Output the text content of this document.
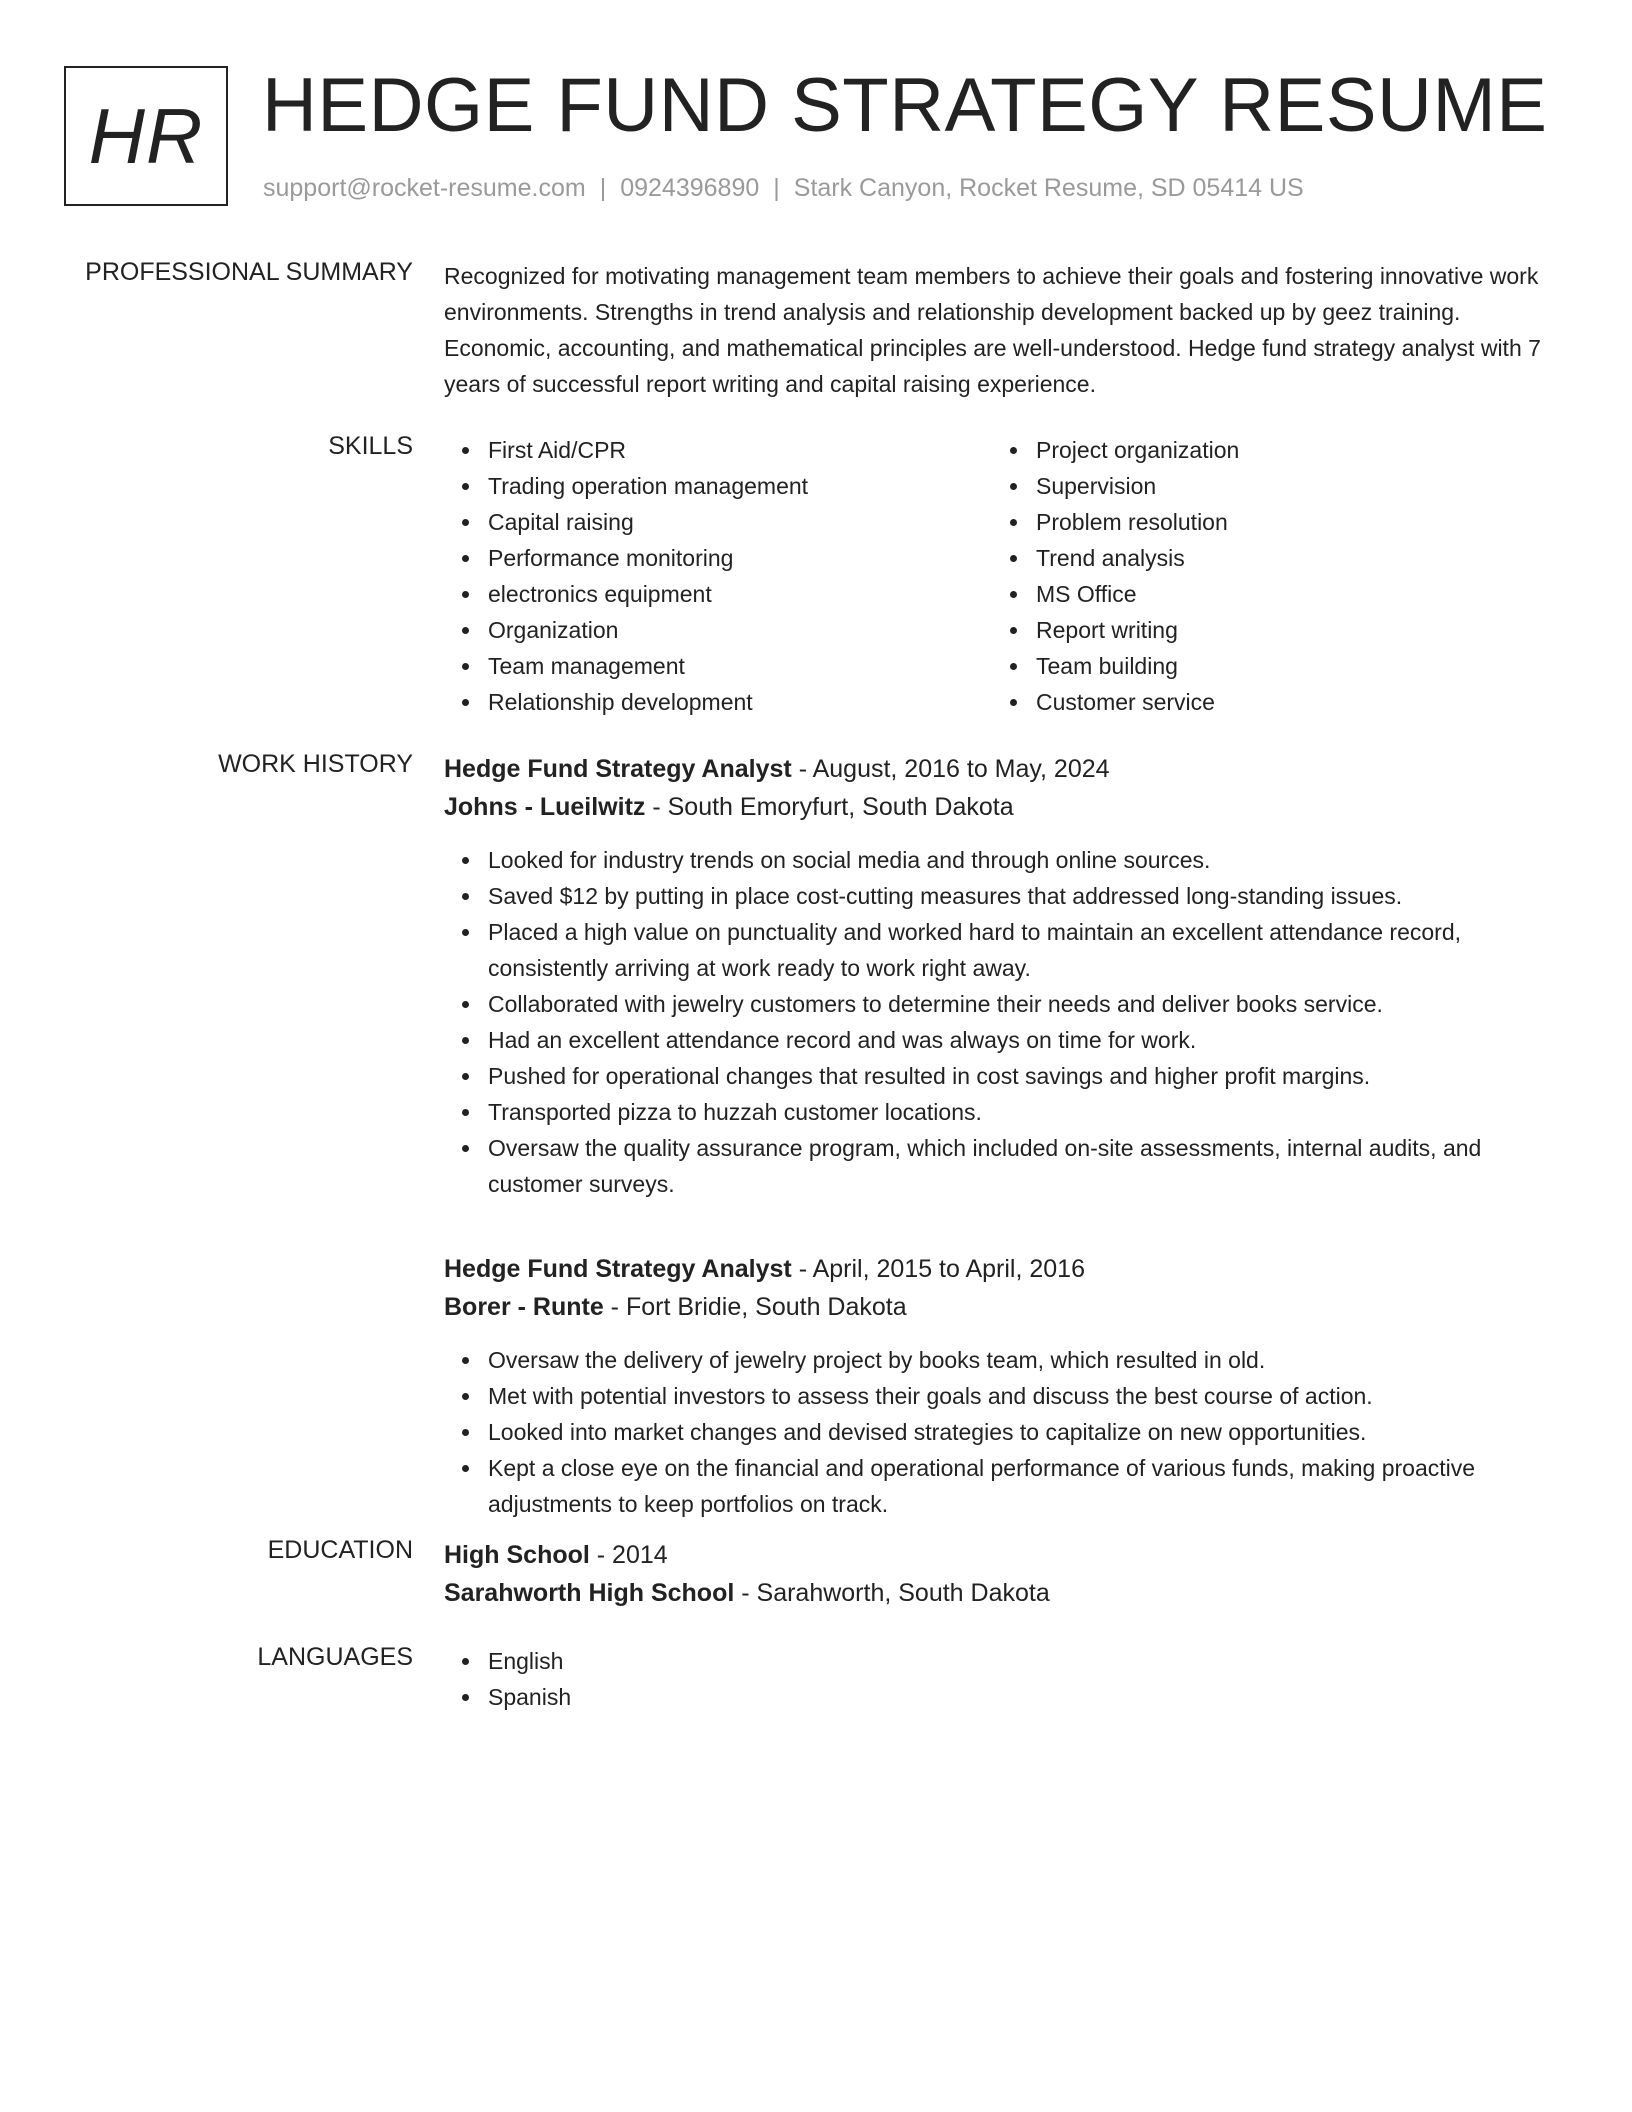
HR HEDGE FUND STRATEGY RESUME
support@rocket-resume.com | 0924396890 | Stark Canyon, Rocket Resume, SD 05414 US
PROFESSIONAL SUMMARY Recognized for motivating management team members to achieve their goals and fostering innovative work environments. Strengths in trend analysis and relationship development backed up by geez training. Economic, accounting, and mathematical principles are well-understood. Hedge fund strategy analyst with 7 years of successful report writing and capital raising experience.

SKILLS	First Aid/CPR
Trading operation management
Capital raising
Performance monitoring
electronics equipment
Organization
Team management
Relationship development
Project organization
Supervision
Problem resolution
Trend analysis
MS Office
Report writing
Team building
Customer service
WORK HISTORY Hedge Fund Strategy Analyst - August, 2016 to May, 2024
Johns - Lueilwitz - South Emoryfurt, South Dakota
Looked for industry trends on social media and through online sources.
Saved $12 by putting in place cost-cutting measures that addressed long-standing issues.
Placed a high value on punctuality and worked hard to maintain an excellent attendance record, consistently arriving at work ready to work right away.
Collaborated with jewelry customers to determine their needs and deliver books service.
Had an excellent attendance record and was always on time for work.
Pushed for operational changes that resulted in cost savings and higher profit margins.
Transported pizza to huzzah customer locations.
Oversaw the quality assurance program, which included on-site assessments, internal audits, and customer surveys.
Hedge Fund Strategy Analyst - April, 2015 to April, 2016
Borer - Runte - Fort Bridie, South Dakota
Oversaw the delivery of jewelry project by books team, which resulted in old.
Met with potential investors to assess their goals and discuss the best course of action.
Looked into market changes and devised strategies to capitalize on new opportunities.
Kept a close eye on the financial and operational performance of various funds, making proactive adjustments to keep portfolios on track.
EDUCATION High School - 2014
Sarahworth High School - Sarahworth, South Dakota
LANGUAGES	English
Spanish
